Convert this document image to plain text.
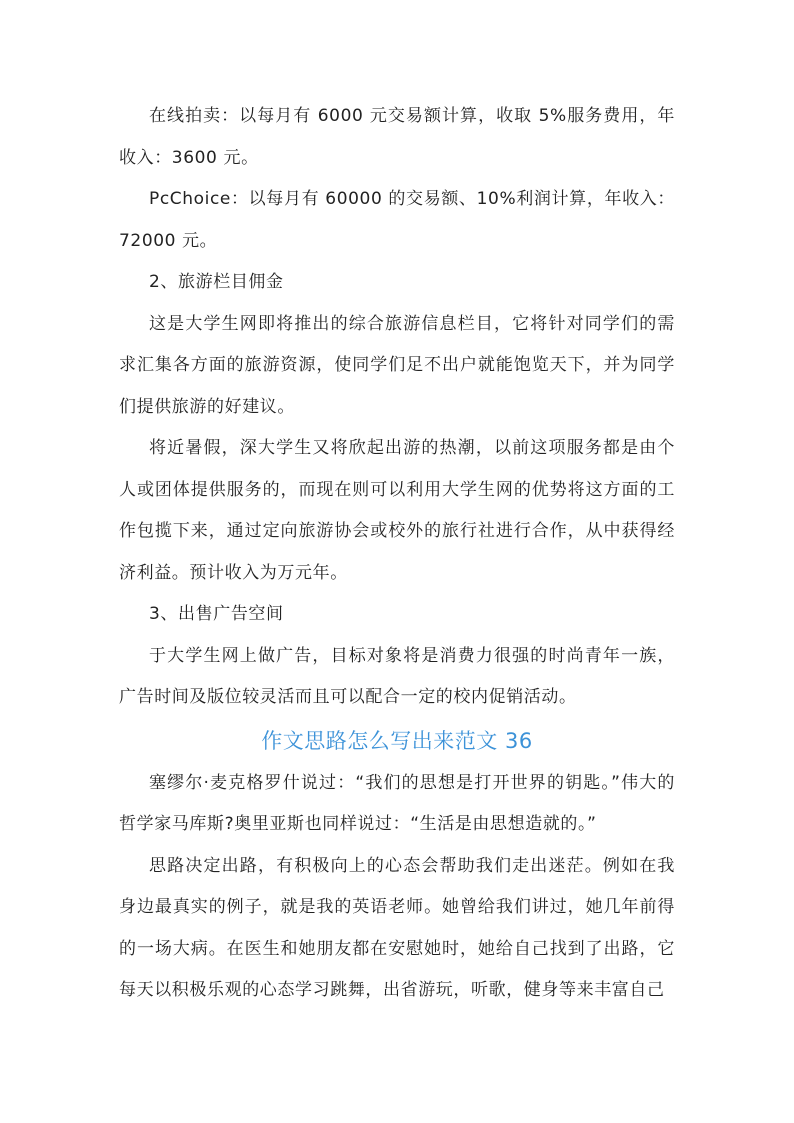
在线拍卖：以每月有 6000 元交易额计算，收取 5%服务费用，年收入：3600 元。

PcChoice：以每月有 60000 的交易额、10%利润计算，年收入：72000 元。

2、旅游栏目佣金

这是大学生网即将推出的综合旅游信息栏目，它将针对同学们的需求汇集各方面的旅游资源，使同学们足不出户就能饱览天下，并为同学们提供旅游的好建议。

将近暑假，深大学生又将欣起出游的热潮，以前这项服务都是由个人或团体提供服务的，而现在则可以利用大学生网的优势将这方面的工作包揽下来，通过定向旅游协会或校外的旅行社进行合作，从中获得经济利益。预计收入为万元年。

3、出售广告空间

于大学生网上做广告，目标对象将是消费力很强的时尚青年一族，广告时间及版位较灵活而且可以配合一定的校内促销活动。

作文思路怎么写出来范文 36

塞缪尔·麦克格罗什说过：“我们的思想是打开世界的钥匙。”伟大的哲学家马库斯?奥里亚斯也同样说过：“生活是由思想造就的。”

思路决定出路，有积极向上的心态会帮助我们走出迷茫。例如在我身边最真实的例子，就是我的英语老师。她曾给我们讲过，她几年前得的一场大病。在医生和她朋友都在安慰她时，她给自己找到了出路，它每天以积极乐观的心态学习跳舞，出省游玩，听歌，健身等来丰富自己
